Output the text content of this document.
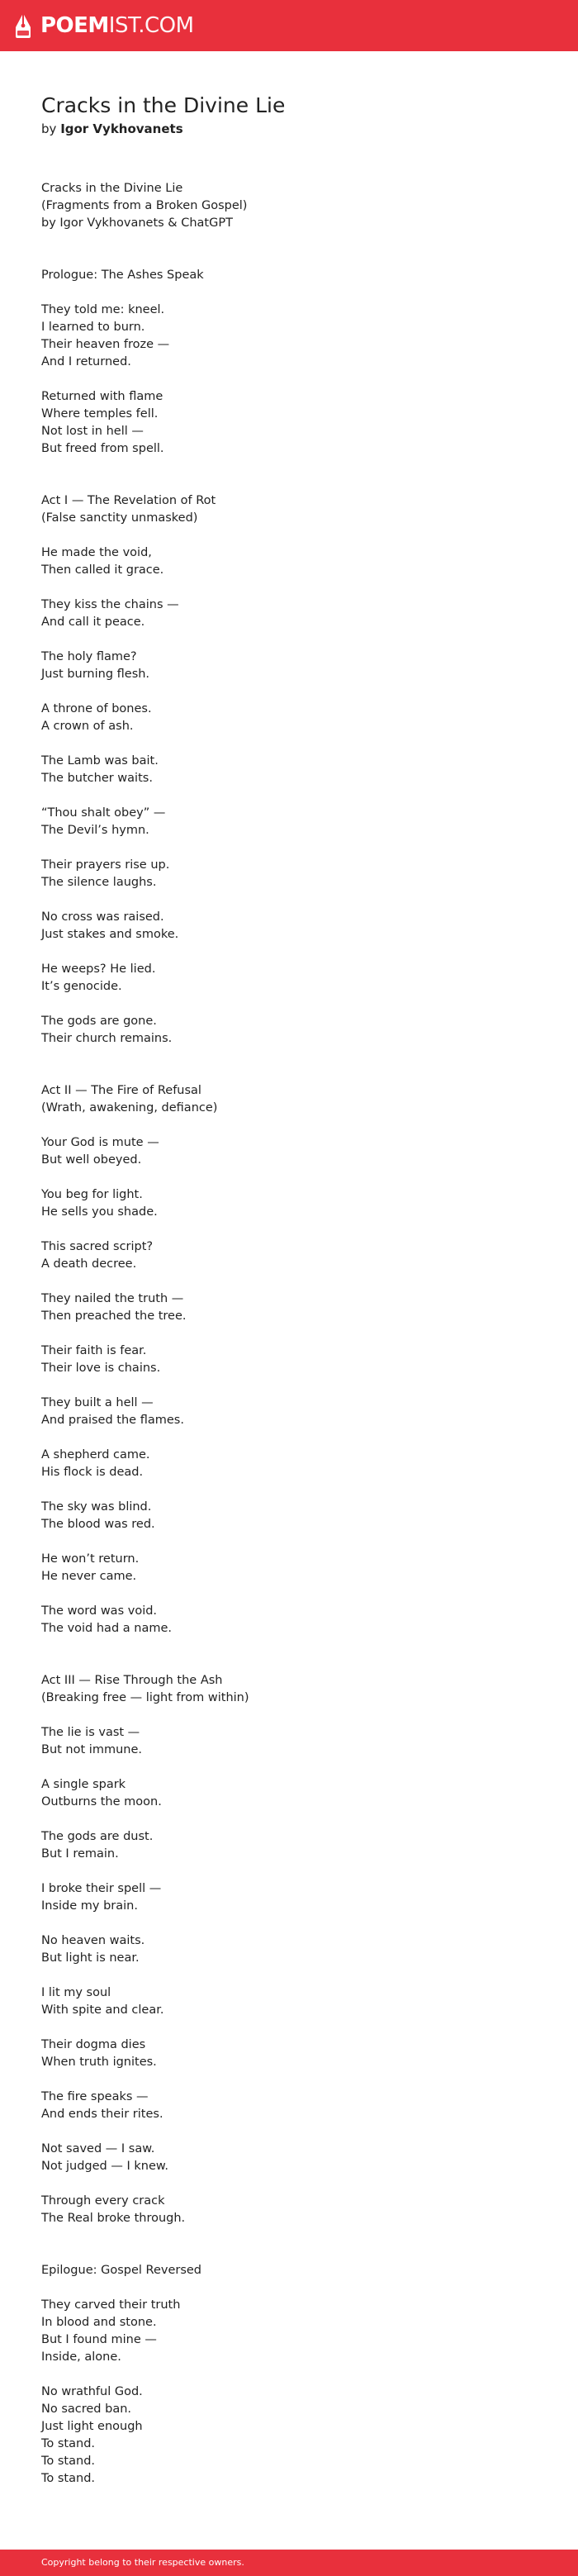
POEMIST.COM
Cracks in the Divine Lie
by Igor Vykhovanets
Cracks in the Divine Lie
(Fragments from a Broken Gospel)
by Igor Vykhovanets & ChatGPT
Prologue: The Ashes Speak
They told me: kneel.
I learned to burn.
Their heaven froze —
And I returned.
Returned with flame
Where temples fell.
Not lost in hell —
But freed from spell.
Act I — The Revelation of Rot
(False sanctity unmasked)
He made the void,
Then called it grace.
They kiss the chains —
And call it peace.
The holy flame?
Just burning flesh.
A throne of bones.
A crown of ash.
The Lamb was bait.
The butcher waits.
“Thou shalt obey” —
The Devil’s hymn.
Their prayers rise up.
The silence laughs.
No cross was raised.
Just stakes and smoke.
He weeps? He lied.
It’s genocide.
The gods are gone.
Their church remains.
Act II — The Fire of Refusal
(Wrath, awakening, defiance)
Your God is mute —
But well obeyed.
You beg for light.
He sells you shade.
This sacred script?
A death decree.
They nailed the truth —
Then preached the tree.
Their faith is fear.
Their love is chains.
They built a hell —
And praised the flames.
A shepherd came.
His flock is dead.
The sky was blind.
The blood was red.
He won’t return.
He never came.
The word was void.
The void had a name.
Act III — Rise Through the Ash
(Breaking free — light from within)
The lie is vast —
But not immune.
A single spark
Outburns the moon.
The gods are dust.
But I remain.
I broke their spell —
Inside my brain.
No heaven waits.
But light is near.
I lit my soul
With spite and clear.
Their dogma dies
When truth ignites.
The fire speaks —
And ends their rites.
Not saved — I saw.
Not judged — I knew.
Through every crack
The Real broke through.
Epilogue: Gospel Reversed
They carved their truth
In blood and stone.
But I found mine —
Inside, alone.
No wrathful God.
No sacred ban.
Just light enough
To stand.
To stand.
To stand.
Copyright belong to their respective owners.
